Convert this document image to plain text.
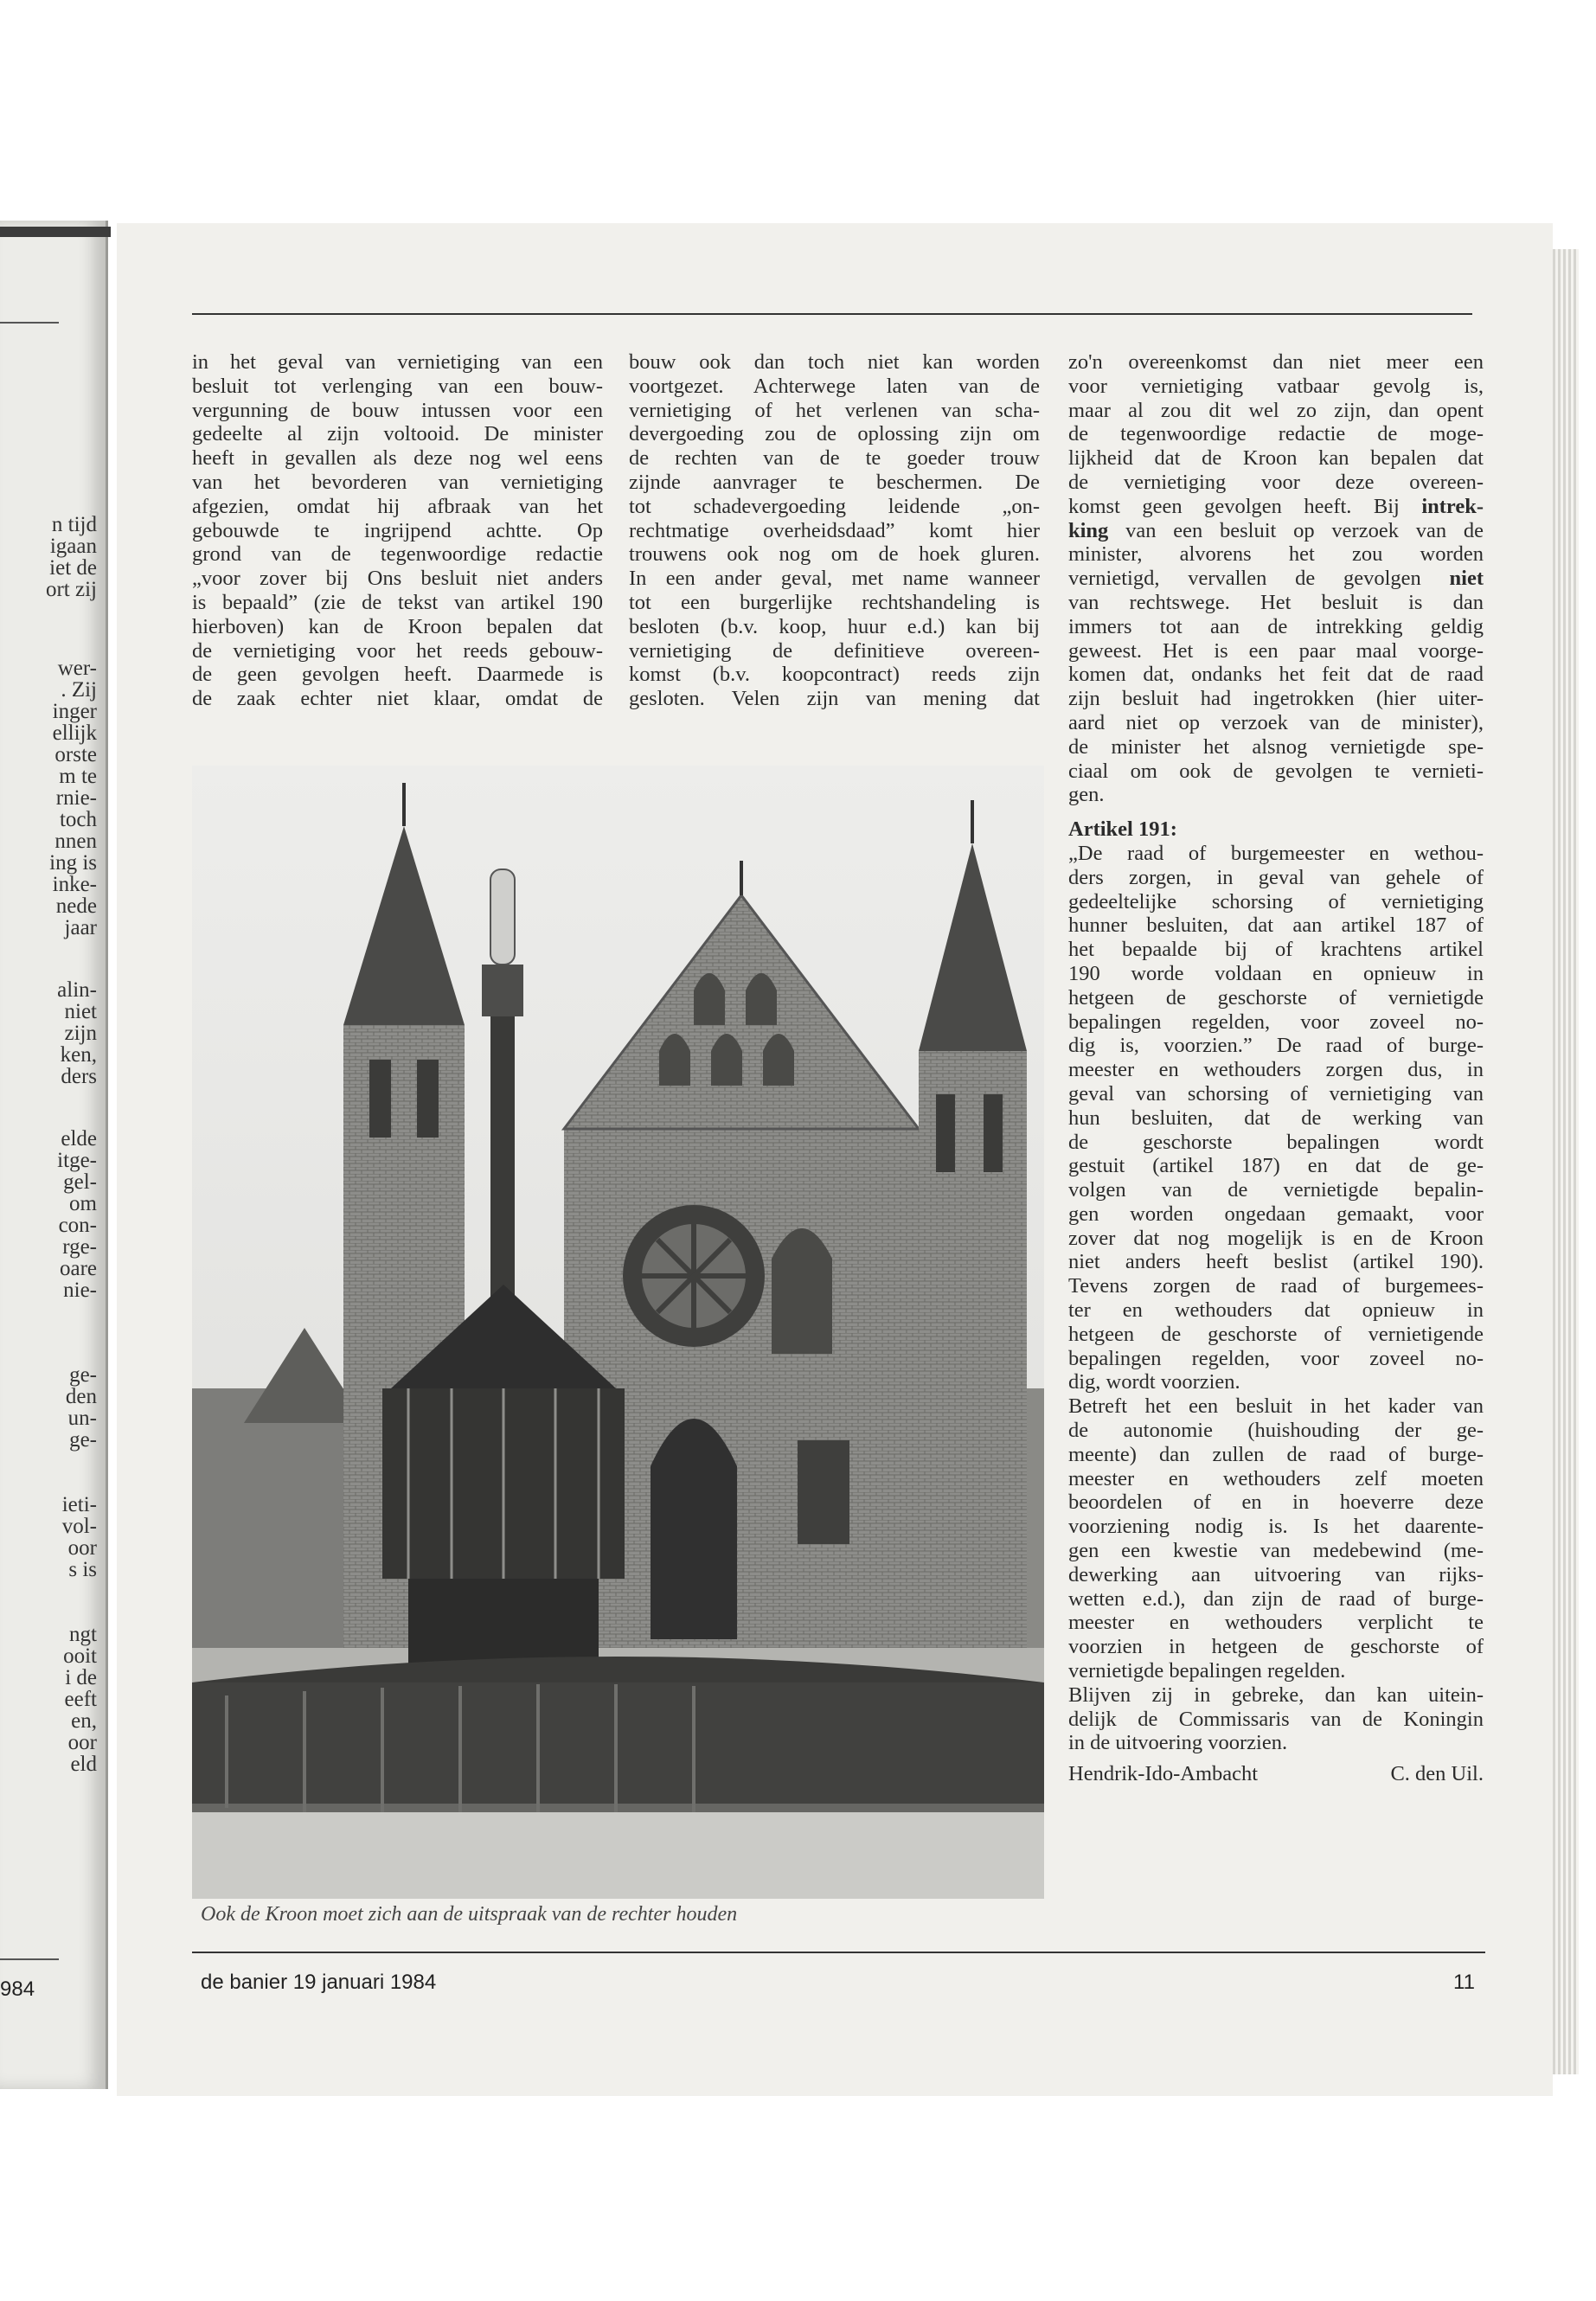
984

in het geval van vernietiging van een

besluit tot verlenging van een bouw-

vergunning de bouw intussen voor een

gedeelte al zijn voltooid. De minister

heeft in gevallen als deze nog wel eens

van het bevorderen van vernietiging

afgezien, omdat hij afbraak van het

gebouwde te ingrijpend achtte. Op

grond van de tegenwoordige redactie

„voor zover bij Ons besluit niet anders

is bepaald” (zie de tekst van artikel 190

hierboven) kan de Kroon bepalen dat

de vernietiging voor het reeds gebouw-

de geen gevolgen heeft. Daarmede is

de zaak echter niet klaar, omdat de

bouw ook dan toch niet kan worden

voortgezet. Achterwege laten van de

vernietiging of het verlenen van scha-

devergoeding zou de oplossing zijn om

de rechten van de te goeder trouw

zijnde aanvrager te beschermen. De

tot schadevergoeding leidende „on-

rechtmatige overheidsdaad” komt hier

trouwens ook nog om de hoek gluren.

In een ander geval, met name wanneer

tot een burgerlijke rechtshandeling is

besloten (b.v. koop, huur e.d.) kan bij

vernietiging de definitieve overeen-

komst (b.v. koopcontract) reeds zijn

gesloten. Velen zijn van mening dat

zo'n overeenkomst dan niet meer een

voor vernietiging vatbaar gevolg is,

maar al zou dit wel zo zijn, dan opent

de tegenwoordige redactie de moge-

lijkheid dat de Kroon kan bepalen dat

de vernietiging voor deze overeen-

komst geen gevolgen heeft. Bij intrek-

king van een besluit op verzoek van de

minister, alvorens het zou worden

vernietigd, vervallen de gevolgen niet

van rechtswege. Het besluit is dan

immers tot aan de intrekking geldig

geweest. Het is een paar maal voorge-

komen dat, ondanks het feit dat de raad

zijn besluit had ingetrokken (hier uiter-

aard niet op verzoek van de minister),

de minister het alsnog vernietigde spe-

ciaal om ook de gevolgen te vernieti-

gen.

Artikel 191:

„De raad of burgemeester en wethou-

ders zorgen, in geval van gehele of

gedeeltelijke schorsing of vernietiging

hunner besluiten, dat aan artikel 187 of

het bepaalde bij of krachtens artikel

190 worde voldaan en opnieuw in

hetgeen de geschorste of vernietigde

bepalingen regelden, voor zoveel no-

dig is, voorzien.” De raad of burge-

meester en wethouders zorgen dus, in

geval van schorsing of vernietiging van

hun besluiten, dat de werking van

de geschorste bepalingen wordt

gestuit (artikel 187) en dat de ge-

volgen van de vernietigde bepalin-

gen worden ongedaan gemaakt, voor

zover dat nog mogelijk is en de Kroon

niet anders heeft beslist (artikel 190).

Tevens zorgen de raad of burgemees-

ter en wethouders dat opnieuw in

hetgeen de geschorste of vernietigende

bepalingen regelden, voor zoveel no-

dig, wordt voorzien.

Betreft het een besluit in het kader van

de autonomie (huishouding der ge-

meente) dan zullen de raad of burge-

meester en wethouders zelf moeten

beoordelen of en in hoeverre deze

voorziening nodig is. Is het daarente-

gen een kwestie van medebewind (me-

dewerking aan uitvoering van rijks-

wetten e.d.), dan zijn de raad of burge-

meester en wethouders verplicht te

voorzien in hetgeen de geschorste of

vernietigde bepalingen regelden.

Blijven zij in gebreke, dan kan uitein-

delijk de Commissaris van de Koningin

in de uitvoering voorzien.

Hendrik-Ido-Ambacht	C. den Uil.
Ook de Kroon moet zich aan de uitspraak van de rechter houden
de banier 19 januari 1984	11
n tijd
igaan
iet de
ort zij
wer-
. Zij
inger
ellijk
orste
m te
rnie-
toch
nnen
ing is
inke-
nede
jaar
alin-
niet
zijn
ken,
ders
elde
itge-
gel-
om
con-
rge-
oare
nie-
ge-
den
un-
ge-
ieti-
vol-
oor
s is
ngt
ooit
i de
eeft
en,
oor
eld
